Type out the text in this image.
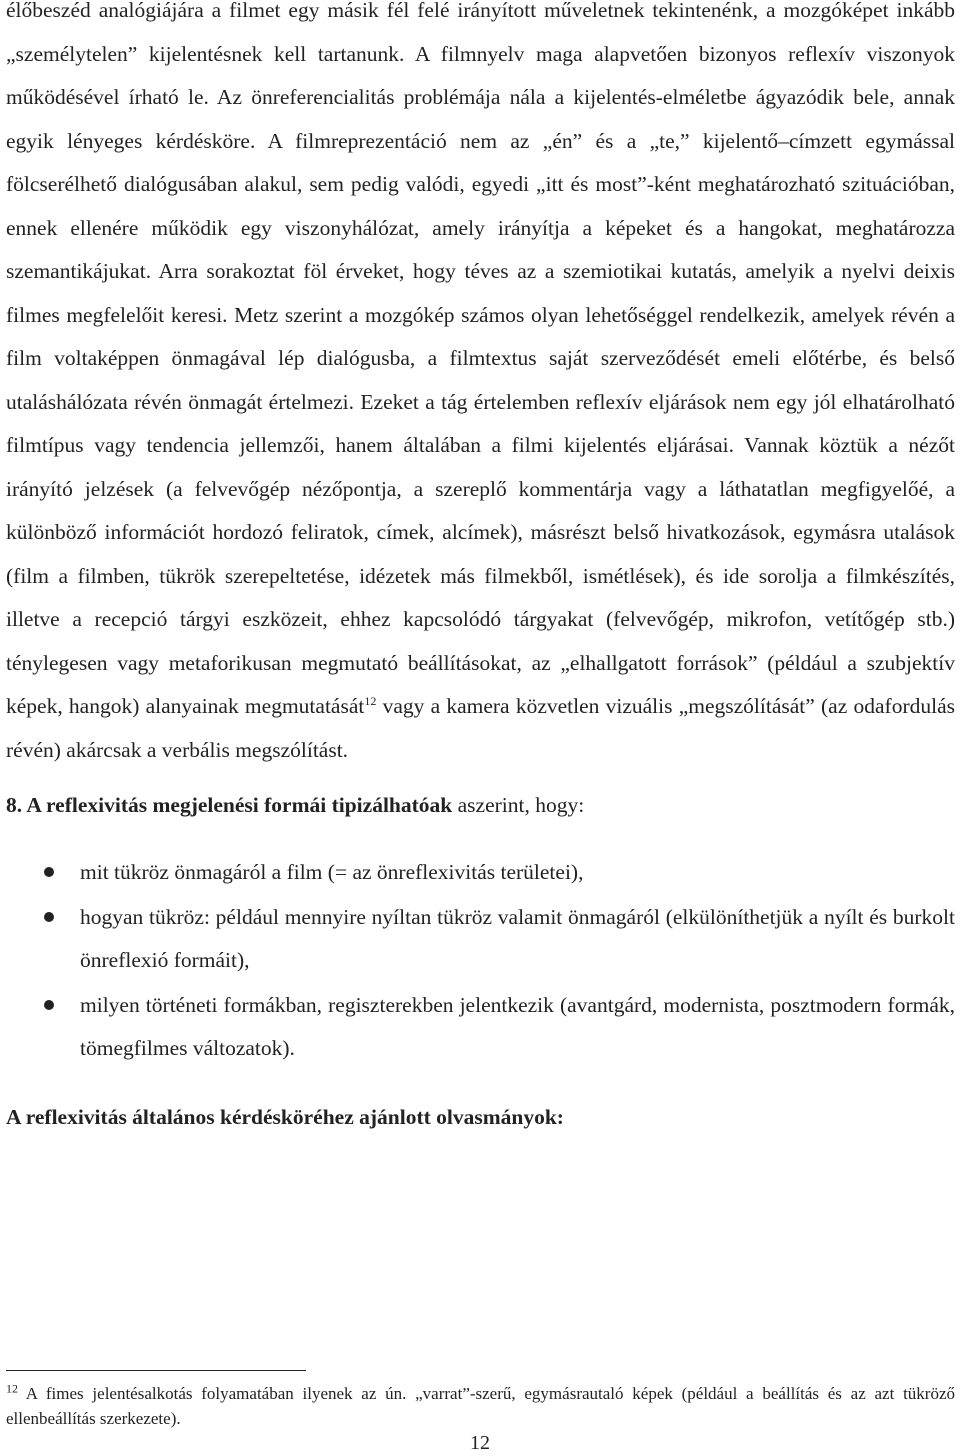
élőbeszéd analógiájára a filmet egy másik fél felé irányított műveletnek tekintenénk, a mozgóképet inkább „személytelen” kijelentésnek kell tartanunk. A filmnyelv maga alapvetően bizonyos reflexív viszonyok működésével írható le. Az önreferencialitás problémája nála a kijelentés-elméletbe ágyazódik bele, annak egyik lényeges kérdésköre. A filmreprezentáció nem az „én” és a „te,” kijelentő–címzett egymással fölcserélhető dialógusában alakul, sem pedig valódi, egyedi „itt és most”-ként meghatározható szituációban, ennek ellenére működik egy viszonyhálózat, amely irányítja a képeket és a hangokat, meghatározza szemantikájukat. Arra sorakoztat föl érveket, hogy téves az a szemiotikai kutatás, amelyik a nyelvi deixis filmes megfelelőit keresi. Metz szerint a mozgókép számos olyan lehetőséggel rendelkezik, amelyek révén a film voltaképpen önmagával lép dialógusba, a filmtextus saját szerveződését emeli előtérbe, és belső utaláshálózata révén önmagát értelmezi. Ezeket a tág értelemben reflexív eljárások nem egy jól elhatárolható filmtípus vagy tendencia jellemzői, hanem általában a filmi kijelentés eljárásai. Vannak köztük a nézőt irányító jelzések (a felvevőgép nézőpontja, a szereplő kommentárja vagy a láthatatlan megfigyelőé, a különböző információt hordozó feliratok, címek, alcímek), másrészt belső hivatkozások, egymásra utalások (film a filmben, tükrök szerepeltetése, idézetek más filmekből, ismétlések), és ide sorolja a filmkészítés, illetve a recepció tárgyi eszközeit, ehhez kapcsolódó tárgyakat (felvevőgép, mikrofon, vetítőgép stb.) ténylegesen vagy metaforikusan megmutató beállításokat, az „elhallgatott források” (például a szubjektív képek, hangok) alanyainak megmutatását$^{12}$ vagy a kamera közvetlen vizuális „megszólítását” (az odafordulás révén) akárcsak a verbális megszólítást.

8. A reflexivitás megjelenési formái tipizálhatóak aszerint, hogy:

mit tükröz önmagáról a film (= az önreflexivitás területei),
hogyan tükröz: például mennyire nyíltan tükröz valamit önmagáról (elkülöníthetjük a nyílt és burkolt önreflexió formáit),
milyen történeti formákban, regiszterekben jelentkezik (avantgárd, modernista, posztmodern formák, tömegfilmes változatok).

A reflexivitás általános kérdésköréhez ajánlott olvasmányok:

$^{12}$ A fimes jelentésalkotás folyamatában ilyenek az ún. „varrat”-szerű, egymásrautaló képek (például a beállítás és az azt tükröző ellenbeállítás szerkezete).
12
